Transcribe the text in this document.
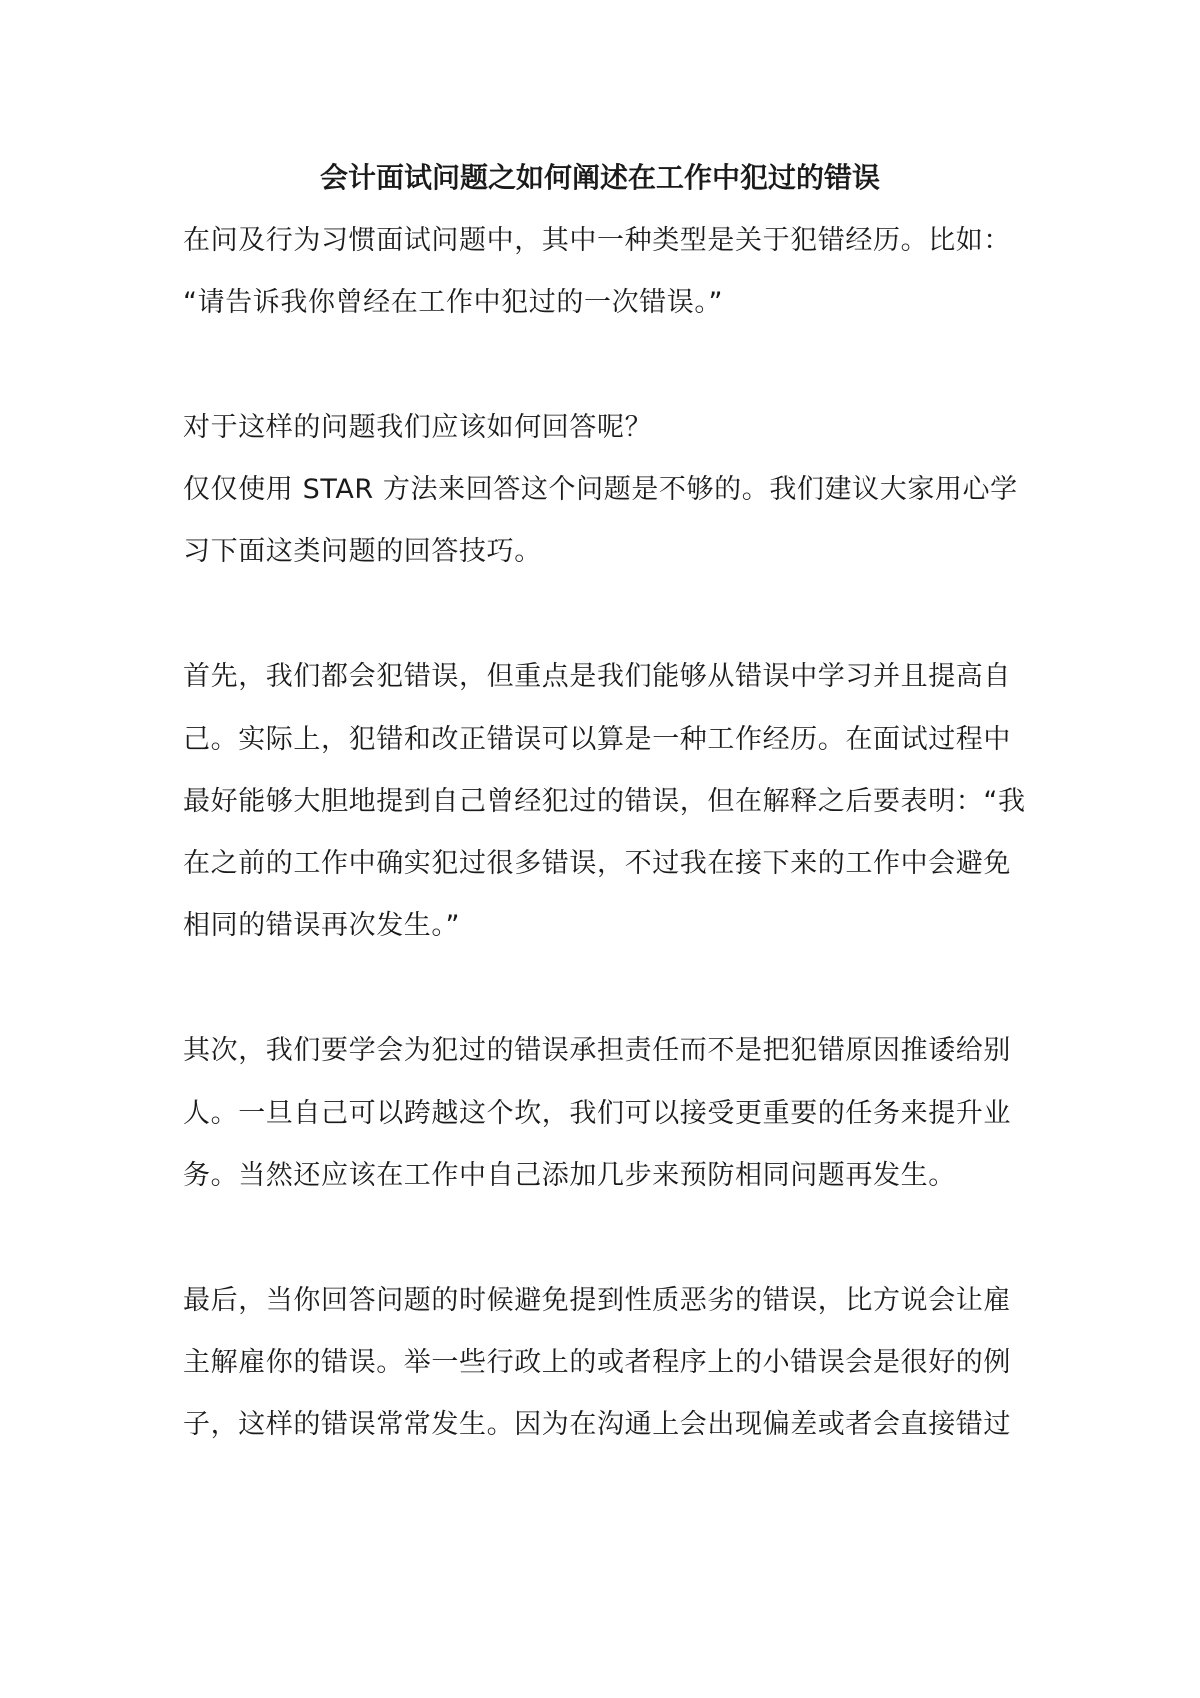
会计面试问题之如何阐述在工作中犯过的错误
在问及行为习惯面试问题中，其中一种类型是关于犯错经历。比如：
“请告诉我你曾经在工作中犯过的一次错误。”
对于这样的问题我们应该如何回答呢？
仅仅使用 STAR 方法来回答这个问题是不够的。我们建议大家用心学
习下面这类问题的回答技巧。
首先，我们都会犯错误，但重点是我们能够从错误中学习并且提高自
己。实际上，犯错和改正错误可以算是一种工作经历。在面试过程中
最好能够大胆地提到自己曾经犯过的错误，但在解释之后要表明：“我
在之前的工作中确实犯过很多错误，不过我在接下来的工作中会避免
相同的错误再次发生。”
其次，我们要学会为犯过的错误承担责任而不是把犯错原因推诿给别
人。一旦自己可以跨越这个坎，我们可以接受更重要的任务来提升业
务。当然还应该在工作中自己添加几步来预防相同问题再发生。
最后，当你回答问题的时候避免提到性质恶劣的错误，比方说会让雇
主解雇你的错误。举一些行政上的或者程序上的小错误会是很好的例
子，这样的错误常常发生。因为在沟通上会出现偏差或者会直接错过
